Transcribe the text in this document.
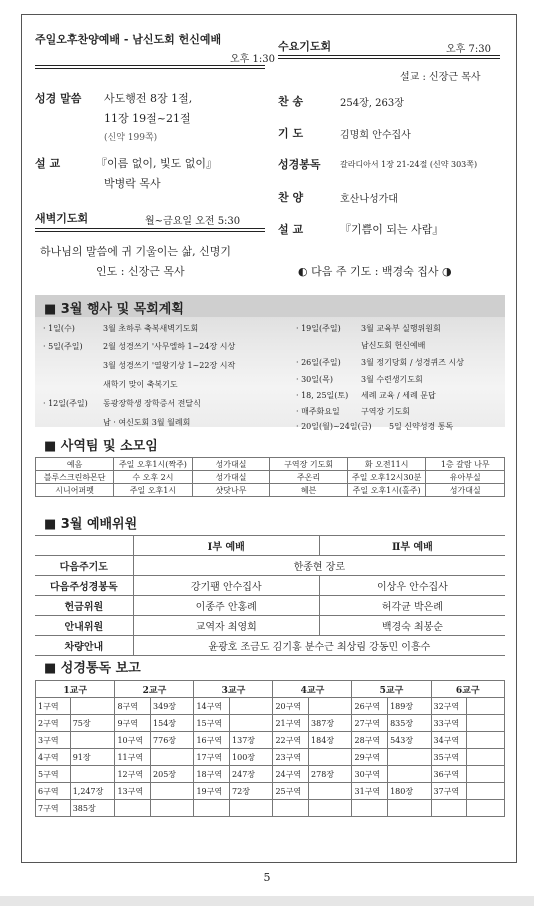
주일오후찬양예배 - 남신도회 헌신예배
오후 1:30
성경 말씀 사도행전 8장 1절,
11장 19절~21절
(신약 199쪽)
설 교	『이름 없이, 빛도 없이』
박병락 목사
새벽기도회	월~금요일 오전 5:30
하나님의 말씀에 귀 기울이는 삶, 신명기
인도 : 신장근 목사
수요기도회	오후 7:30
설교 : 신장근 목사
찬 송	254장, 263장
기 도	김명희 안수집사
성경봉독 갈라디아서 1장 21-24절 (신약 303쪽)
찬 양	호산나성가대
설 교	『기쁨이 되는 사람』
◐ 다음 주 기도 : 백경숙 집사 ◑
■ 3월 행사 및 목회계획
· 1일(수)	3월 초하루 축복새벽기도회
· 5일(주일)	2월 성경쓰기 '사무엘하 1~24장 시상
3월 성경쓰기 '열왕기상 1~22장 시작
새학기 맞이 축복기도
· 12일(주일) 동광장학생 장학증서 전달식
남 · 여신도회 3월 월례회
· 19일(주일)	3월 교육부 실행위원회
남신도회 헌신예배
· 26일(주일)	3월 정기당회 / 성경퀴즈 시상
· 30일(목)	3월 수련생기도회
· 18, 25일(토) 세례 교육 / 세례 문답
· 매주화요일	구역장 기도회
· 20일(월)~24일(금) 5일 신약성경 통독
■ 사역팀 및 소모임
예음	주일 오후1시(짝주)	성가대실	구역장 기도회	화 오전11시	1층 갈람 나무
블루스크린하몬단	수 오후 2시	성가대실	주온리	주일 오후12시30분	유아부실
시니어퍼펫	주일 오후1시	샷닷나무	혜븐	주일 오후1시(홀주)	성가대실
■ 3월 예배위원
	Ⅰ부 예배	Ⅱ부 예배
다음주기도	한종현 장로	
다음주성경봉독	강기팸 안수집사	이상우 안수집사
헌금위원	이종주 안홍례	허각균 박은례
안내위원	교역자 최영희	백경숙 최봉순
차량안내	윤광호 조금도 김기홍 분수근 최상림 강동민 이흥수	
■ 성경통독 보고
1교구		2교구		3교구		4교구		5교구		6교구	
1구역		8구역	349장	14구역		20구역		26구역	189장	32구역	
2구역	75장	9구역	154장	15구역		21구역	387장	27구역	835장	33구역	
3구역		10구역	776장	16구역	137장	22구역	184장	28구역	543장	34구역	
4구역	91장	11구역		17구역	100장	23구역		29구역		35구역	
5구역		12구역	205장	18구역	247장	24구역	278장	30구역		36구역	
6구역	1,247장	13구역		19구역	72장	25구역		31구역	180장	37구역	
7구역	385장										
5
